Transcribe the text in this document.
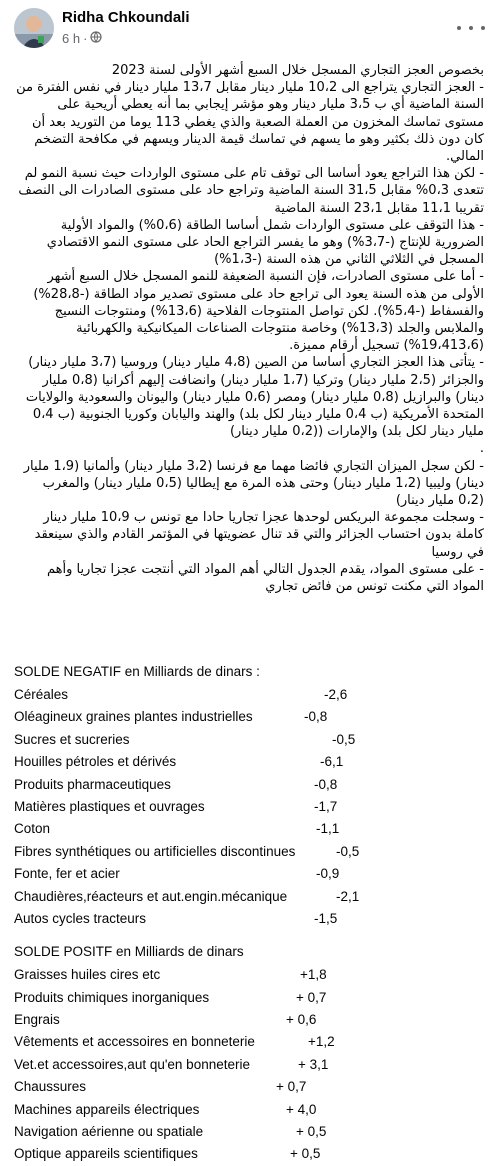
Ridha Chkoundali
6 h ·

بخصوص العجز التجاري المسجل خلال السبع أشهر الأولى لسنة 2023

- العجز التجاري يتراجع الى 10،2 مليار دينار مقابل 13،7 مليار دينار في نفس الفترة من السنة الماضية أي ب 3،5 مليار دينار وهو مؤشر إيجابي بما أنه يعطي أريحية على مستوى تماسك المخزون من العملة الصعبة والذي يغطي 113 يوما من التوريد بعد أن كان دون ذلك بكثير وهو ما يسهم في تماسك قيمة الدينار ويسهم في مكافحة التضخم المالي.

- لكن هذا التراجع يعود أساسا الى توقف تام على مستوى الواردات حيث نسبة النمو لم تتعدى 0،3% مقابل 31،5 السنة الماضية وتراجع حاد على مستوى الصادرات الى النصف تقريبا 11،1 مقابل 23،1 السنة الماضية

- هذا التوقف على مستوى الواردات شمل أساسا الطاقة (0،6%) والمواد الأولية الضرورية للإنتاج (-3،7%) وهو ما يفسر التراجع الحاد على مستوى النمو الاقتصادي المسجل في الثلاثي الثاني من هذه السنة (-1،3%)

- أما على مستوى الصادرات، فإن النسبة الضعيفة للنمو المسجل خلال السبع أشهر الأولى من هذه السنة يعود الى تراجع حاد على مستوى تصدير مواد الطاقة (-28،8%) والفسفاط (-5،4%). لكن تواصل المنتوجات الفلاحية (13،6%) ومنتوجات النسيج والملابس والجلد (13،3%) وخاصة منتوجات الصناعات الميكانيكية والكهربائية (19،413،6%) تسجيل أرقام مميزة.

- يتأتى هذا العجز التجاري أساسا من الصين (4،8 مليار دينار) وروسيا (3،7 مليار دينار) والجزائر (2،5 مليار دينار) وتركيا (1،7 مليار دينار) وانضافت إليهم أكرانيا (0،8 مليار دينار) والبرازيل (0،8 مليار دينار) ومصر (0،6 مليار دينار) واليونان والسعودية والولايات المتحدة الأمريكية (ب 0،4 مليار دينار لكل بلد) والهند واليابان وكوريا الجنوبية (ب 0،4 مليار دينار لكل بلد) والإمارات ((0،2 مليار دينار)

.

- لكن سجل الميزان التجاري فائضا مهما مع فرنسا (3،2 مليار دينار) وألمانيا (1،9 مليار دينار) وليبيا (1،2 مليار دينار) وحتى هذه المرة مع إيطاليا (0،5 مليار دينار) والمغرب (0،2 مليار دينار)

- وسجلت مجموعة البريكس لوحدها عجزا تجاريا حادا مع تونس ب 10،9 مليار دينار كاملة بدون احتساب الجزائر والتي قد تنال عضويتها في المؤتمر القادم والذي سينعقد في روسيا

- على مستوى المواد، يقدم الجدول التالي أهم المواد التي أنتجت عجزا تجاريا وأهم المواد التي مكنت تونس من فائض تجاري

SOLDE NEGATIF en Milliards de dinars :
Céréales	-2,6
Oléagineux graines plantes industrielles	-0,8
Sucres et sucreries	-0,5
Houilles pétroles et dérivés	-6,1
Produits pharmaceutiques	-0,8
Matières plastiques et ouvrages	-1,7
Coton	-1,1
Fibres synthétiques ou artificielles discontinues	-0,5
Fonte, fer et acier	-0,9
Chaudières,réacteurs et aut.engin.mécanique	-2,1
Autos cycles tracteurs	-1,5
SOLDE POSITF en Milliards de dinars
Graisses huiles cires etc	+1,8
Produits chimiques inorganiques	+ 0,7
Engrais	+ 0,6
Vêtements et accessoires en bonneterie	+1,2
Vet.et accessoires,aut qu'en bonneterie	+ 3,1
Chaussures	+ 0,7
Machines appareils électriques	+ 4,0
Navigation aérienne ou spatiale	+ 0,5
Optique appareils scientifiques	+ 0,5
